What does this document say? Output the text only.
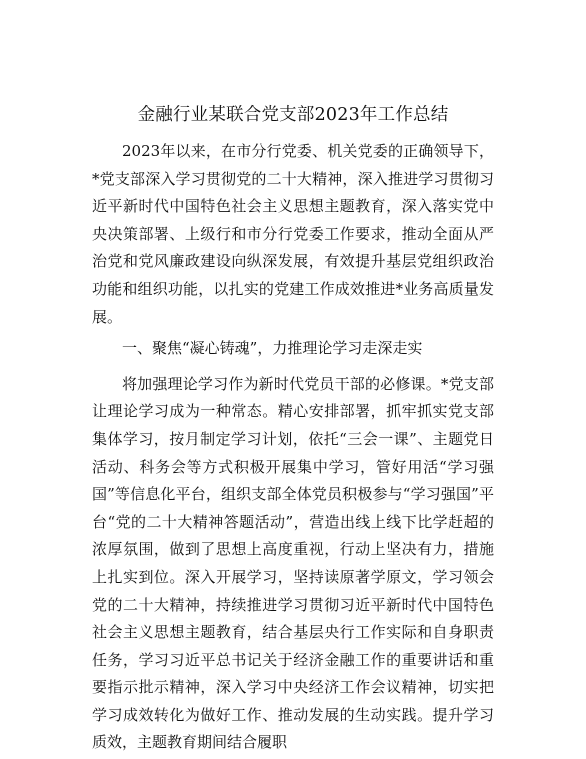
金融行业某联合党支部2023年工作总结

2023年以来，在市分行党委、机关党委的正确领导下，*党支部深入学习贯彻党的二十大精神，深入推进学习贯彻习近平新时代中国特色社会主义思想主题教育，深入落实党中央决策部署、上级行和市分行党委工作要求，推动全面从严治党和党风廉政建设向纵深发展，有效提升基层党组织政治功能和组织功能，以扎实的党建工作成效推进*业务高质量发展。

一、聚焦“凝心铸魂”，力推理论学习走深走实

将加强理论学习作为新时代党员干部的必修课。*党支部让理论学习成为一种常态。精心安排部署，抓牢抓实党支部集体学习，按月制定学习计划，依托“三会一课”、主题党日活动、科务会等方式积极开展集中学习，管好用活“学习强国”等信息化平台，组织支部全体党员积极参与“学习强国”平台“党的二十大精神答题活动”，营造出线上线下比学赶超的浓厚氛围，做到了思想上高度重视，行动上坚决有力，措施上扎实到位。深入开展学习，坚持读原著学原文，学习领会党的二十大精神，持续推进学习贯彻习近平新时代中国特色社会主义思想主题教育，结合基层央行工作实际和自身职责任务，学习习近平总书记关于经济金融工作的重要讲话和重要指示批示精神，深入学习中央经济工作会议精神，切实把学习成效转化为做好工作、推动发展的生动实践。提升学习质效，主题教育期间结合履职
